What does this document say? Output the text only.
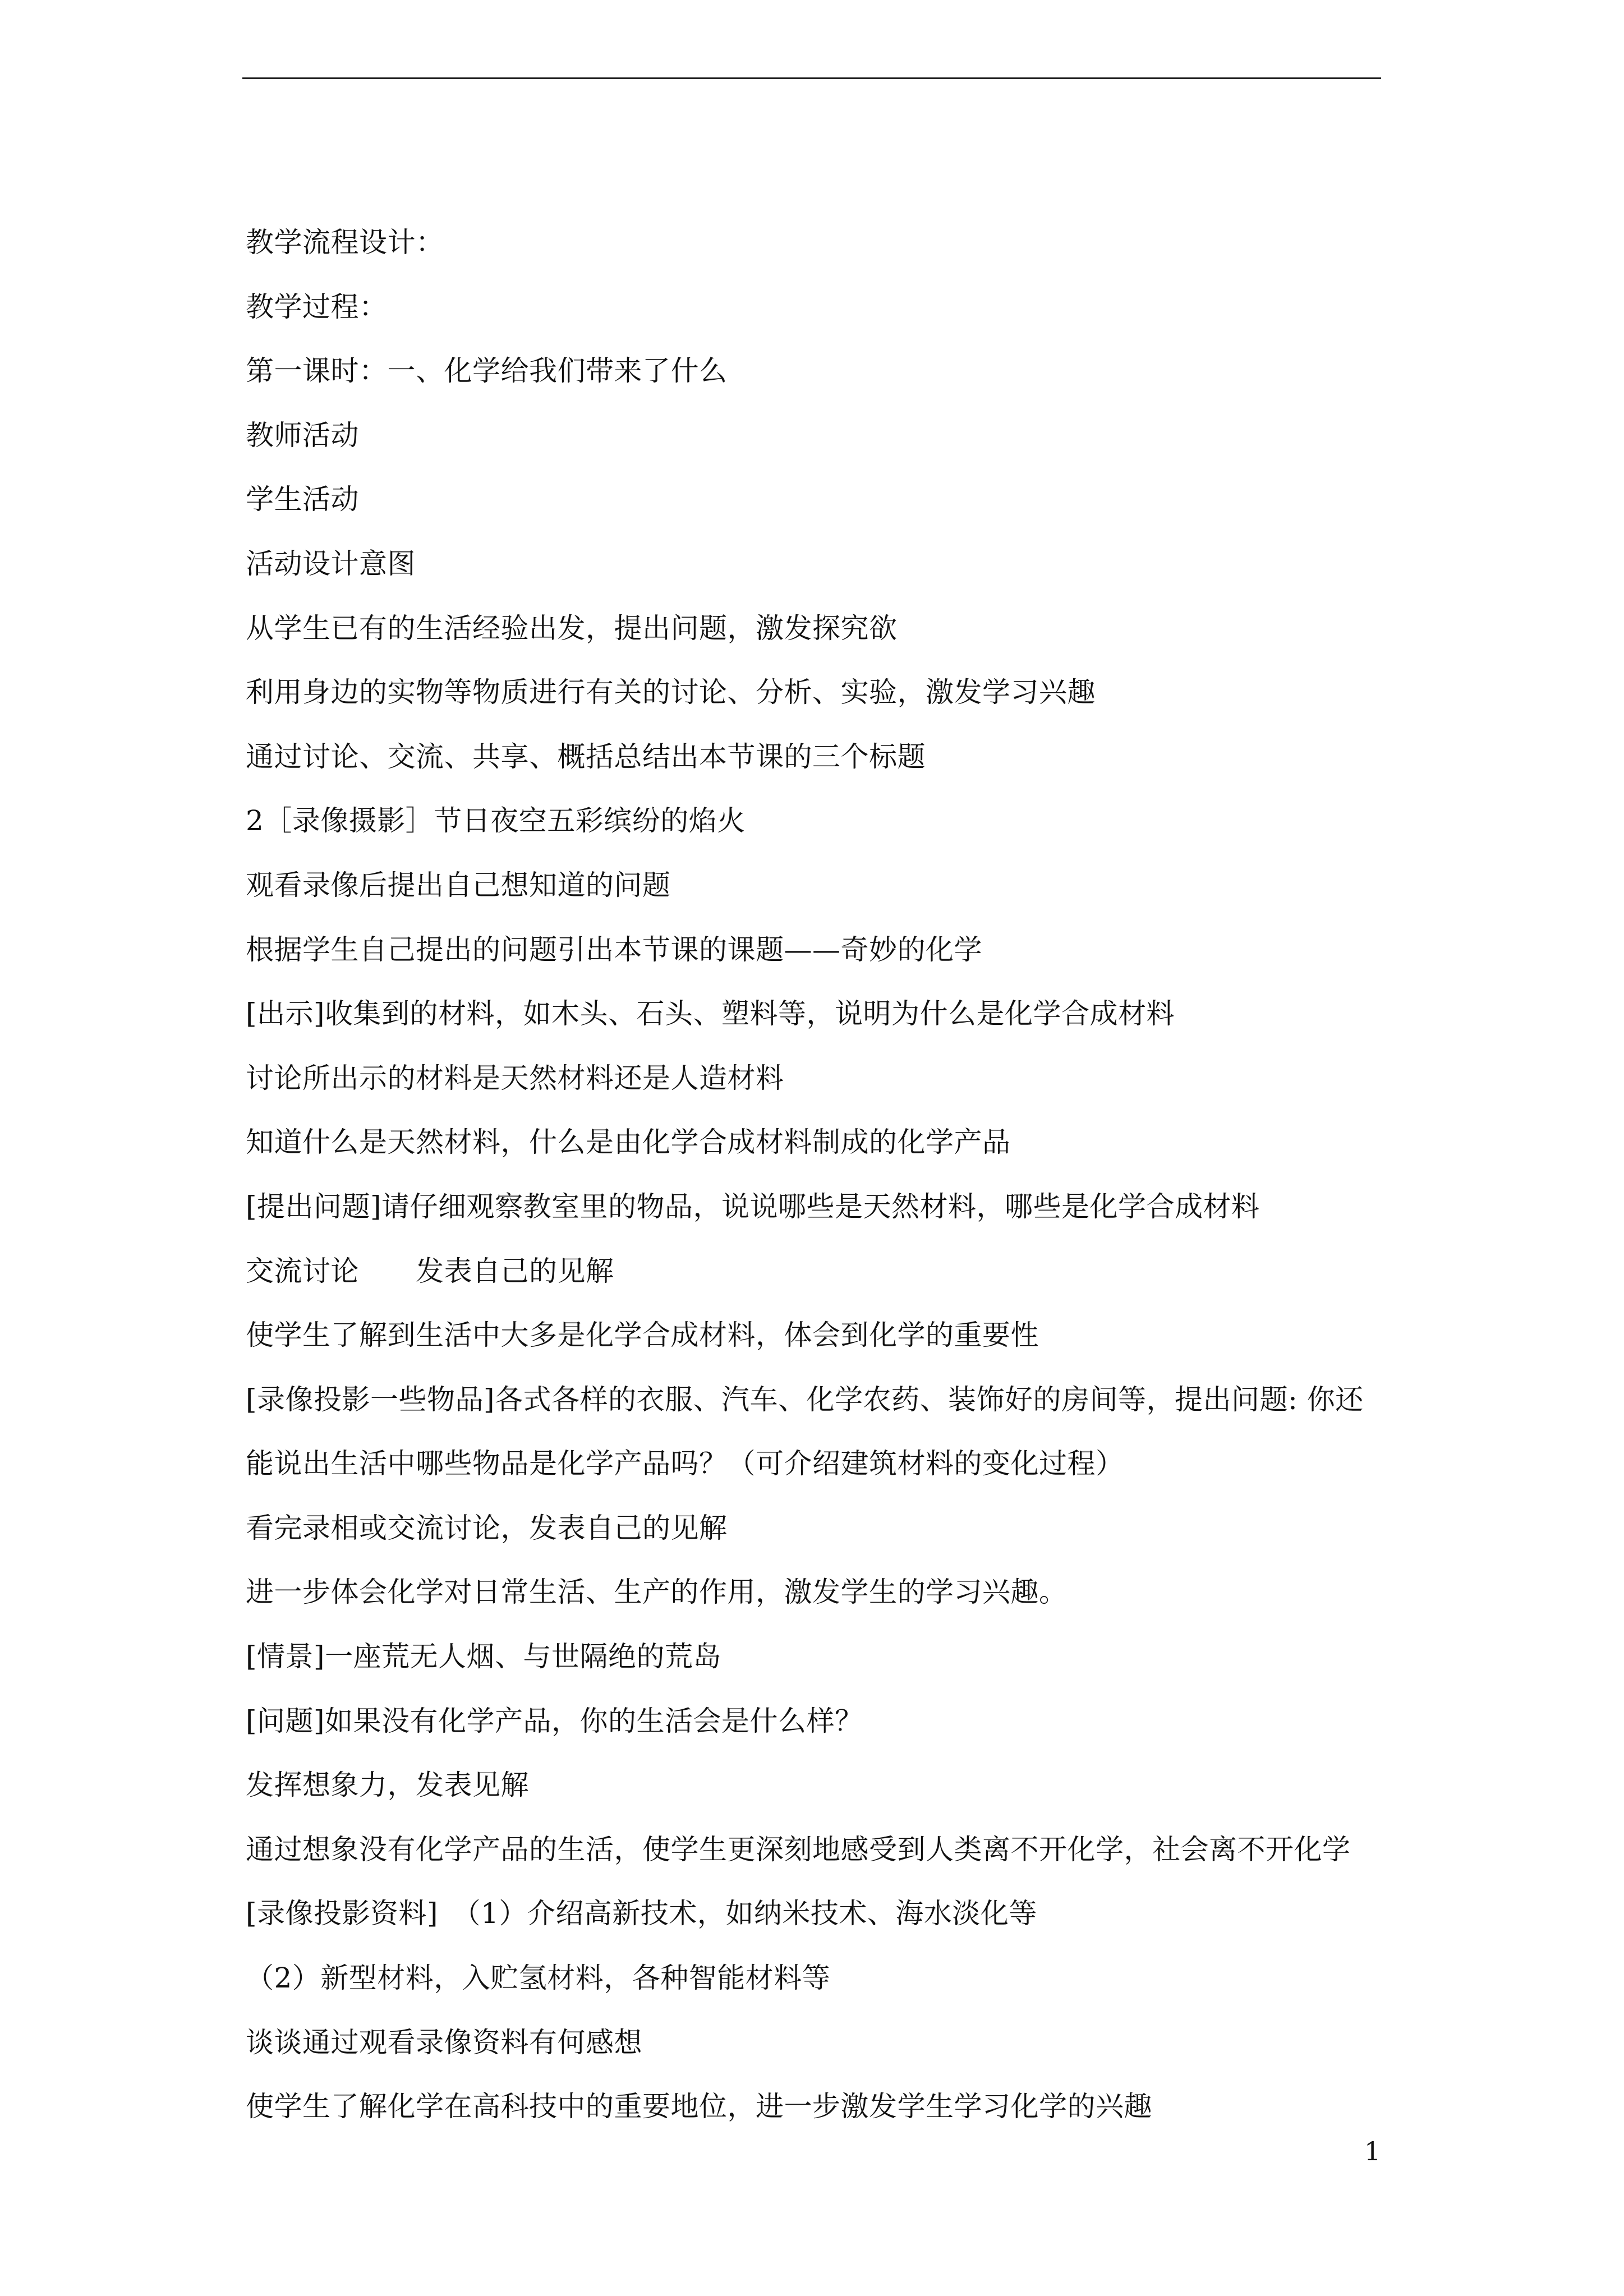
教学流程设计：
教学过程：
第一课时：一、化学给我们带来了什么
教师活动
学生活动
活动设计意图
从学生已有的生活经验出发，提出问题，激发探究欲
利用身边的实物等物质进行有关的讨论、分析、实验，激发学习兴趣
通过讨论、交流、共享、概括总结出本节课的三个标题
2［录像摄影］节日夜空五彩缤纷的焰火
观看录像后提出自己想知道的问题
根据学生自己提出的问题引出本节课的课题——奇妙的化学
[出示]收集到的材料，如木头、石头、塑料等，说明为什么是化学合成材料
讨论所出示的材料是天然材料还是人造材料
知道什么是天然材料，什么是由化学合成材料制成的化学产品
[提出问题]请仔细观察教室里的物品，说说哪些是天然材料，哪些是化学合成材料
交流讨论　　发表自己的见解
使学生了解到生活中大多是化学合成材料，体会到化学的重要性
[录像投影一些物品]各式各样的衣服、汽车、化学农药、装饰好的房间等，提出问题: 你还
能说出生活中哪些物品是化学产品吗？（可介绍建筑材料的变化过程）
看完录相或交流讨论，发表自己的见解
进一步体会化学对日常生活、生产的作用，激发学生的学习兴趣。
[情景]一座荒无人烟、与世隔绝的荒岛
[问题]如果没有化学产品，你的生活会是什么样？
发挥想象力，发表见解
通过想象没有化学产品的生活，使学生更深刻地感受到人类离不开化学，社会离不开化学
[录像投影资料]　（1）介绍高新技术，如纳米技术、海水淡化等
（2）新型材料，入贮氢材料，各种智能材料等
谈谈通过观看录像资料有何感想
使学生了解化学在高科技中的重要地位，进一步激发学生学习化学的兴趣
1
